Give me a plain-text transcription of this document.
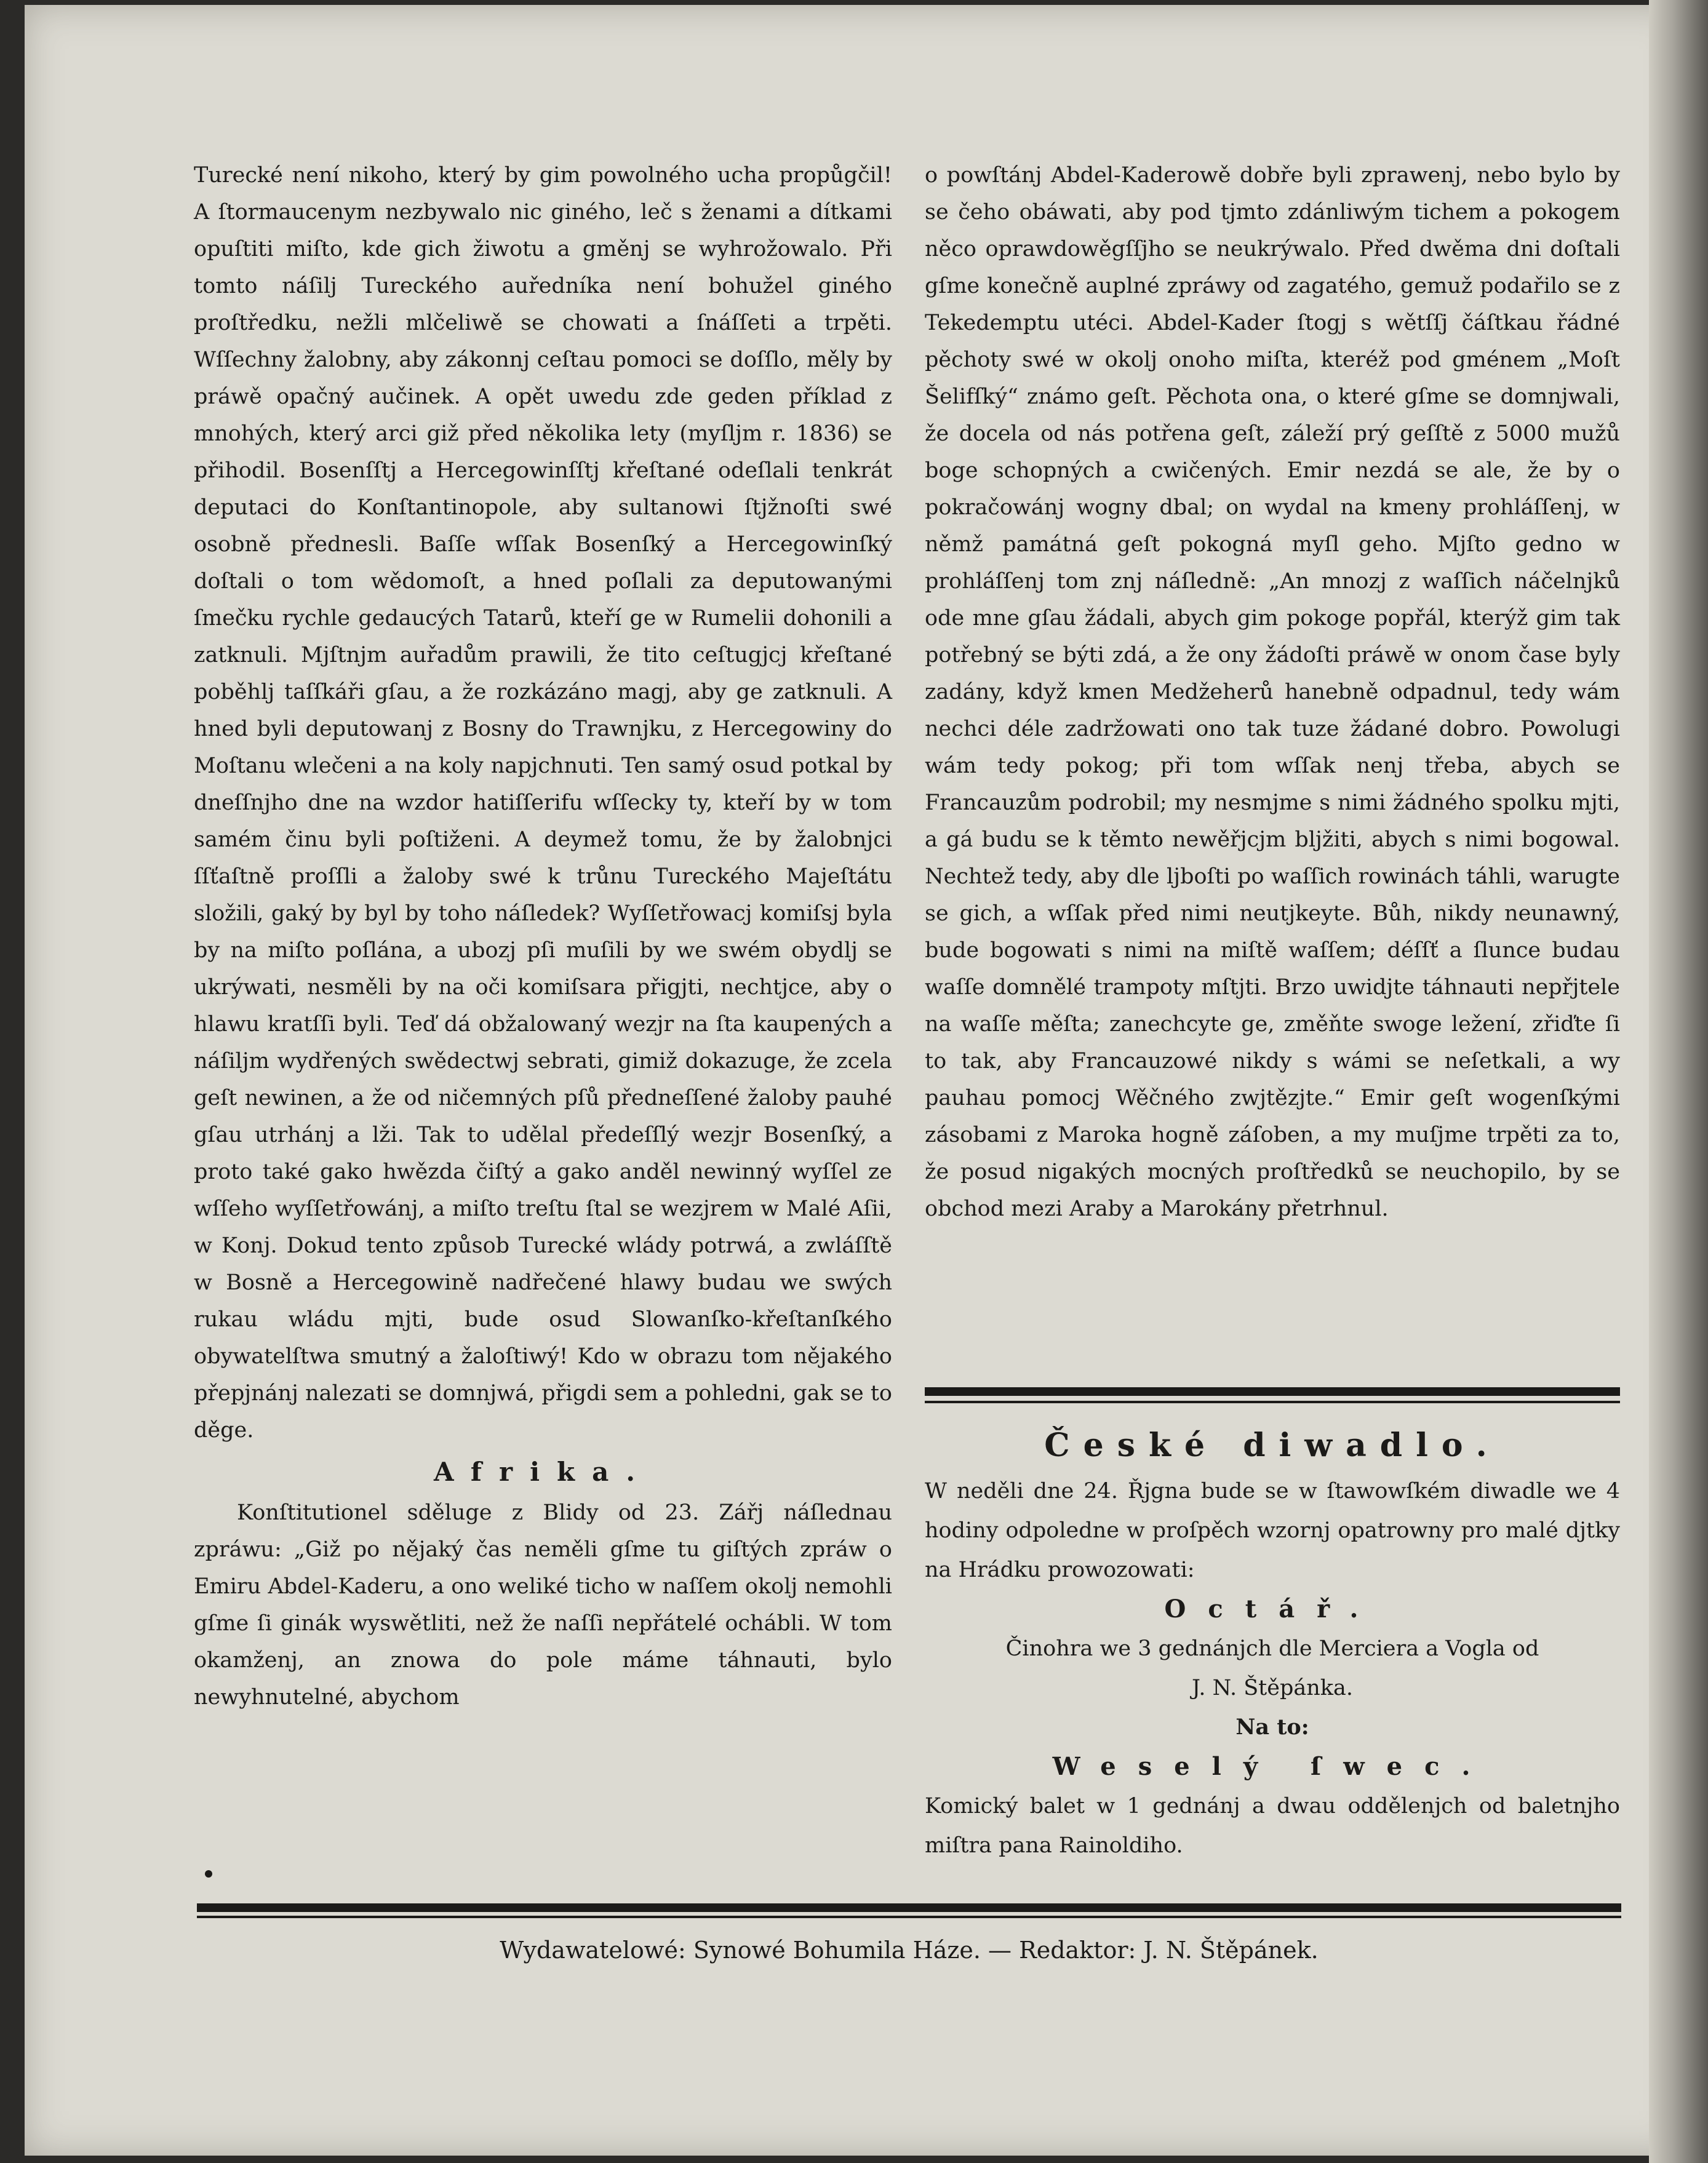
Turecké není nikoho, který by gim powolného ucha propůgčil! A ſtormaucenym nezbywalo nic giného, leč s ženami a dítkami opuſtiti miſto, kde gich žiwotu a gměnj se wyhrožowalo. Při tomto náſilj Tureckého auředníka není bohužel giného proſtředku, nežli mlčeliwě se chowati a ſnáſſeti a trpěti. Wſſechny žalobny, aby zákonnj ceſtau pomoci se doſſlo, měly by práwě opačný aučinek. A opět uwedu zde geden příklad z mnohých, který arci giž před několika lety (myſljm r. 1836) se přihodil. Bosenſſtj a Hercegowinſſtj křeſtané odeſlali tenkrát deputaci do Konſtantinopole, aby sultanowi ſtjžnoſti swé osobně přednesli. Baſſe wſſak Bosenſký a Hercegowinſký doſtali o tom wědomoſt, a hned poſlali za deputowanými ſmečku rychle gedaucých Tatarů, kteří ge w Rumelii dohonili a zatknuli. Mjſtnjm auřadům prawili, že tito ceſtugjcj křeſtané poběhlj taſſkáři gſau, a že rozkázáno magj, aby ge zatknuli. A hned byli deputowanj z Bosny do Trawnjku, z Hercegowiny do Moſtanu wlečeni a na koly napjchnuti. Ten samý osud potkal by dneſſnjho dne na wzdor hatiſſerifu wſſecky ty, kteří by w tom samém činu byli poſtiženi. A deymež tomu, že by žalobnjci ſſťaſtně proſſli a žaloby swé k trůnu Tureckého Majeſtátu složili, gaký by byl by toho náſledek? Wyſſetřowacj komiſsj byla by na miſto poſlána, a ubozj pſi muſili by we swém obydlj se ukrýwati, nesměli by na oči komiſsara přigjti, nechtjce, aby o hlawu kratſſi byli. Teď dá obžalowaný wezjr na ſta kaupených a náſiljm wydřených swědectwj sebrati, gimiž dokazuge, že zcela geſt newinen, a že od ničemných pſů předneſſené žaloby pauhé gſau utrhánj a lži. Tak to udělal předeſſlý wezjr Bosenſký, a proto také gako hwězda čiſtý a gako anděl newinný wyſſel ze wſſeho wyſſetřowánj, a miſto treſtu ſtal se wezjrem w Malé Aſii, w Konj. Dokud tento způsob Turecké wlády potrwá, a zwláſſtě w Bosně a Hercegowině nadřečené hlawy budau we swých rukau wládu mjti, bude osud Slowanſko-křeſtanſkého obywatelſtwa smutný a žaloſtiwý! Kdo w obrazu tom nějakého přepjnánj nalezati se domnjwá, přigdi sem a pohledni, gak se to děge.

Afrika.

Konſtitutionel sděluge z Blidy od 23. Zářj náſlednau zpráwu: „Giž po nějaký čas neměli gſme tu giſtých zpráw o Emiru Abdel-Kaderu, a ono weliké ticho w naſſem okolj nemohli gſme ſi ginák wyswětliti, než že naſſi nepřátelé ochábli. W tom okamženj, an znowa do pole máme táhnauti, bylo newyhnutelné, abychom

o powſtánj Abdel-Kaderowě dobře byli zprawenj, nebo bylo by se čeho obáwati, aby pod tjmto zdánliwým tichem a pokogem něco oprawdowěgſſjho se neukrýwalo. Před dwěma dni doſtali gſme konečně auplné zpráwy od zagatého, gemuž podařilo se z Tekedemptu utéci. Abdel-Kader ſtogj s wětſſj čáſtkau řádné pěchoty swé w okolj onoho miſta, kteréž pod gménem „Moſt Šelifſký“ známo geſt. Pěchota ona, o které gſme se domnjwali, že docela od nás potřena geſt, záleží prý geſſtě z 5000 mužů boge schopných a cwičených. Emir nezdá se ale, že by o pokračowánj wogny dbal; on wydal na kmeny prohláſſenj, w němž památná geſt pokogná myſl geho. Mjſto gedno w prohláſſenj tom znj náſledně: „An mnozj z waſſich náčelnjků ode mne gſau žádali, abych gim pokoge popřál, kterýž gim tak potřebný se býti zdá, a že ony žádoſti práwě w onom čase byly zadány, když kmen Medžeherů hanebně odpadnul, tedy wám nechci déle zadržowati ono tak tuze žádané dobro. Powolugi wám tedy pokog; při tom wſſak nenj třeba, abych se Francauzům podrobil; my nesmjme s nimi žádného spolku mjti, a gá budu se k těmto newěřjcjm bljžiti, abych s nimi bogowal. Nechtež tedy, aby dle ljboſti po waſſich rowinách táhli, warugte se gich, a wſſak před nimi neutjkeyte. Bůh, nikdy neunawný, bude bogowati s nimi na miſtě waſſem; déſſť a ſlunce budau waſſe domnělé trampoty mſtjti. Brzo uwidjte táhnauti nepřjtele na waſſe měſta; zanechcyte ge, změňte swoge ležení, zřiďte ſi to tak, aby Francauzowé nikdy s wámi se neſetkali, a wy pauhau pomocj Wěčného zwjtězjte.“ Emir geſt wogenſkými zásobami z Maroka hogně záſoben, a my muſjme trpěti za to, že posud nigakých mocných proſtředků se neuchopilo, by se obchod mezi Araby a Marokány přetrhnul.

České diwadlo.

W neděli dne 24. Řjgna bude se w ſtawowſkém diwadle we 4 hodiny odpoledne w proſpěch wzornj opatrowny pro malé djtky na Hrádku prowozowati:

Octář.
Činohra we 3 gednánjch dle Merciera a Vogla od
J. N. Štěpánka.
Na to:
Weselý ſwec.

Komický balet w 1 gednánj a dwau oddělenjch od baletnjho miſtra pana Rainoldiho.

Wydawatelowé: Synowé Bohumila Háze. — Redaktor: J. N. Štěpánek.
